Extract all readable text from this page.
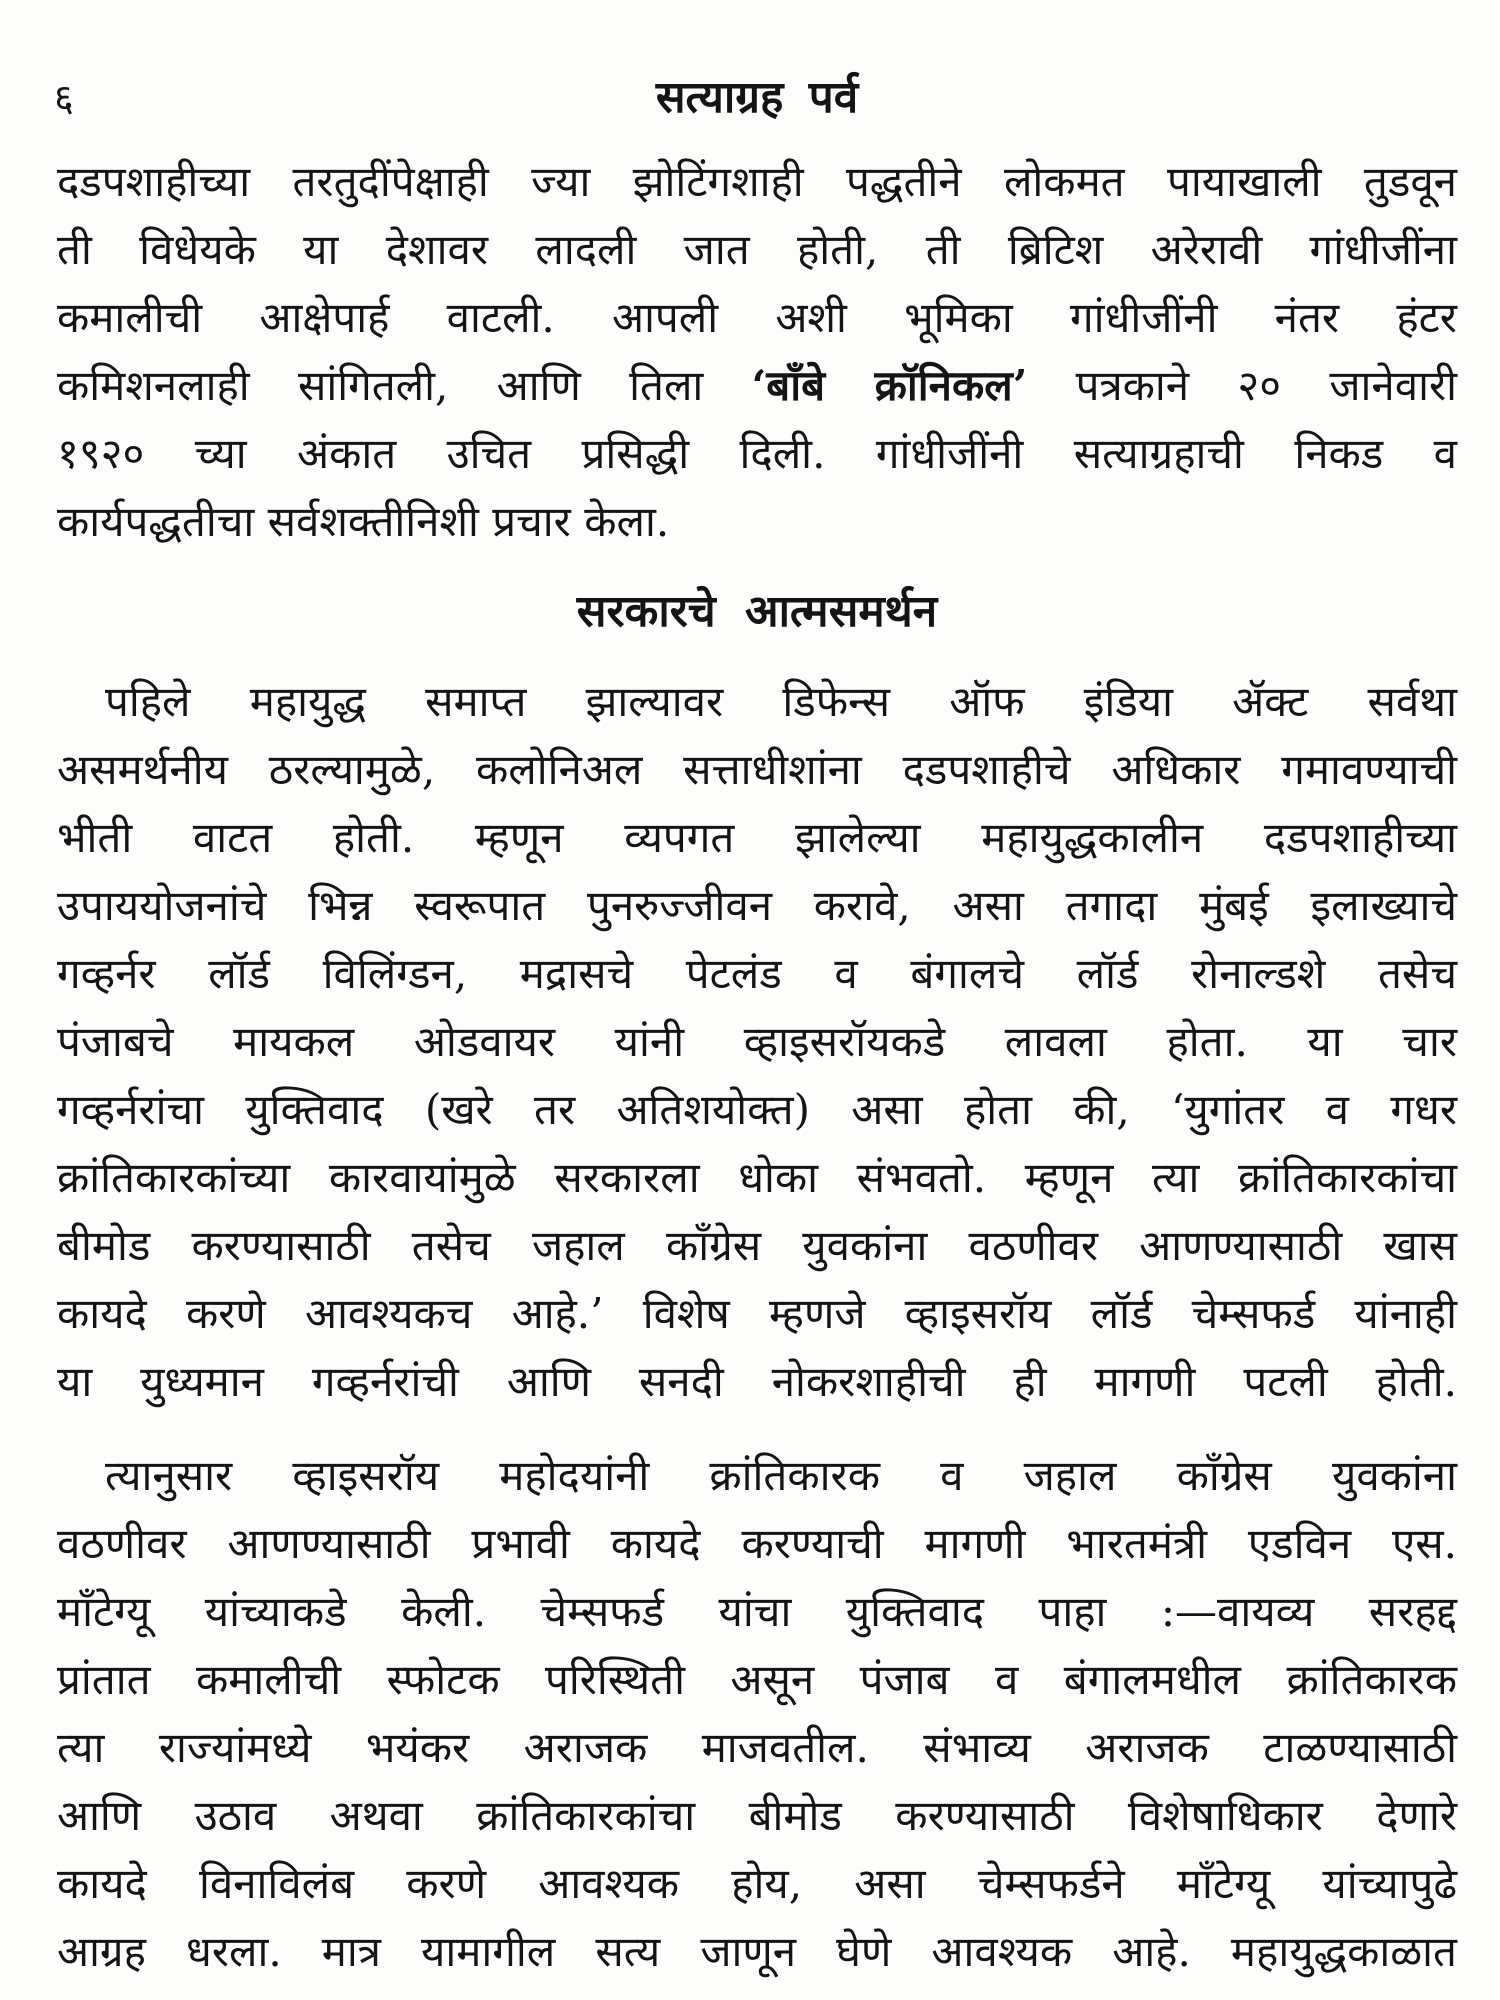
६	सत्याग्रह पर्व
दडपशाहीच्या तरतुदींपेक्षाही ज्या झोटिंगशाही पद्धतीने लोकमत पायाखाली तुडवून
ती विधेयके या देशावर लादली जात होती, ती ब्रिटिश अरेरावी गांधीजींना
कमालीची आक्षेपार्ह वाटली. आपली अशी भूमिका गांधीजींनी नंतर हंटर
कमिशनलाही सांगितली, आणि तिला ‘बाँबे क्रॉनिकल’ पत्रकाने २० जानेवारी
१९२० च्या अंकात उचित प्रसिद्धी दिली. गांधीजींनी सत्याग्रहाची निकड व
कार्यपद्धतीचा सर्वशक्तीनिशी प्रचार केला.
सरकारचे आत्मसमर्थन
पहिले महायुद्ध समाप्त झाल्यावर डिफेन्स ऑफ इंडिया ॲक्ट सर्वथा
असमर्थनीय ठरल्यामुळे, कलोनिअल सत्ताधीशांना दडपशाहीचे अधिकार गमावण्याची
भीती वाटत होती. म्हणून व्यपगत झालेल्या महायुद्धकालीन दडपशाहीच्या
उपाययोजनांचे भिन्न स्वरूपात पुनरुज्जीवन करावे, असा तगादा मुंबई इलाख्याचे
गव्हर्नर लॉर्ड विलिंग्डन, मद्रासचे पेटलंड व बंगालचे लॉर्ड रोनाल्डशे तसेच
पंजाबचे मायकल ओडवायर यांनी व्हाइसरॉयकडे लावला होता. या चार
गव्हर्नरांचा युक्तिवाद (खरे तर अतिशयोक्त) असा होता की, ‘युगांतर व गधर
क्रांतिकारकांच्या कारवायांमुळे सरकारला धोका संभवतो. म्हणून त्या क्रांतिकारकांचा
बीमोड करण्यासाठी तसेच जहाल काँग्रेस युवकांना वठणीवर आणण्यासाठी खास
कायदे करणे आवश्यकच आहे.’ विशेष म्हणजे व्हाइसरॉय लॉर्ड चेम्सफर्ड यांनाही
या युध्यमान गव्हर्नरांची आणि सनदी नोकरशाहीची ही मागणी पटली होती.
त्यानुसार व्हाइसरॉय महोदयांनी क्रांतिकारक व जहाल काँग्रेस युवकांना
वठणीवर आणण्यासाठी प्रभावी कायदे करण्याची मागणी भारतमंत्री एडविन एस.
माँटेग्यू यांच्याकडे केली. चेम्सफर्ड यांचा युक्तिवाद पाहा :—वायव्य सरहद्द
प्रांतात कमालीची स्फोटक परिस्थिती असून पंजाब व बंगालमधील क्रांतिकारक
त्या राज्यांमध्ये भयंकर अराजक माजवतील. संभाव्य अराजक टाळण्यासाठी
आणि उठाव अथवा क्रांतिकारकांचा बीमोड करण्यासाठी विशेषाधिकार देणारे
कायदे विनाविलंब करणे आवश्यक होय, असा चेम्सफर्डने माँटेग्यू यांच्यापुढे
आग्रह धरला. मात्र यामागील सत्य जाणून घेणे आवश्यक आहे. महायुद्धकाळात
